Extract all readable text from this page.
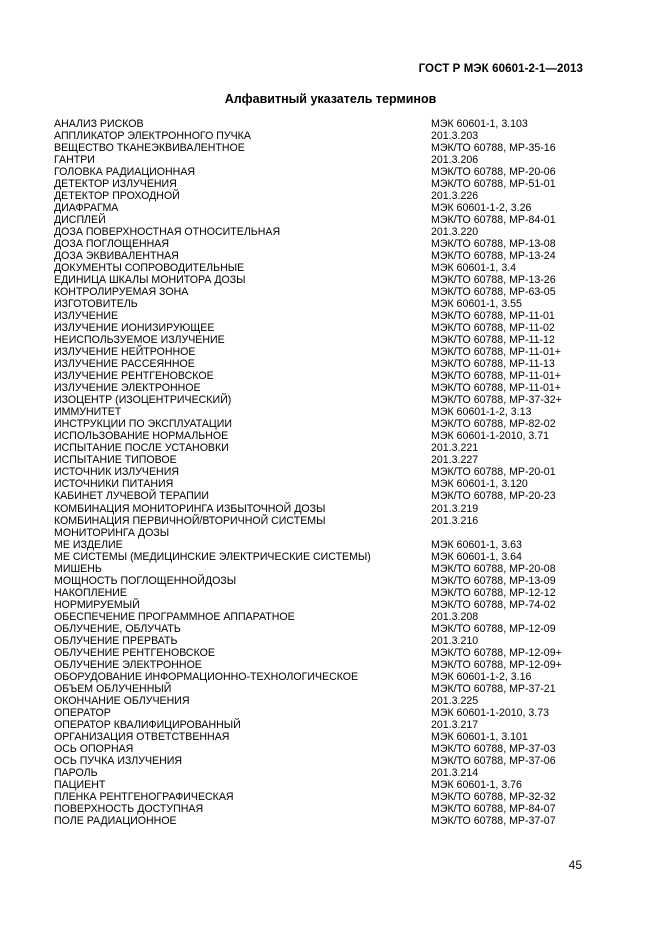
ГОСТ Р МЭК 60601-2-1—2013
Алфавитный указатель терминов
АНАЛИЗ РИСКОВ	МЭК 60601-1, 3.103
АППЛИКАТОР ЭЛЕКТРОННОГО ПУЧКА	201.3.203
ВЕЩЕСТВО ТКАНЕЭКВИВАЛЕНТНОЕ	МЭК/ТО 60788, MP-35-16
ГАНТРИ	201.3.206
ГОЛОВКА РАДИАЦИОННАЯ	МЭК/ТО 60788, MP-20-06
ДЕТЕКТОР ИЗЛУЧЕНИЯ	МЭК/ТО 60788, MP-51-01
ДЕТЕКТОР ПРОХОДНОЙ	201.3.226
ДИАФРАГМА	МЭК 60601-1-2, 3.26
ДИСПЛЕЙ	МЭК/ТО 60788, MP-84-01
ДОЗА ПОВЕРХНОСТНАЯ ОТНОСИТЕЛЬНАЯ	201.3.220
ДОЗА ПОГЛОЩЕННАЯ	МЭК/ТО 60788, MP-13-08
ДОЗА ЭКВИВАЛЕНТНАЯ	МЭК/ТО 60788, MP-13-24
ДОКУМЕНТЫ СОПРОВОДИТЕЛЬНЫЕ	МЭК 60601-1, 3.4
ЕДИНИЦА ШКАЛЫ МОНИТОРА ДОЗЫ	МЭК/ТО 60788, MP-13-26
КОНТРОЛИРУЕМАЯ ЗОНА	МЭК/ТО 60788, MP-63-05
ИЗГОТОВИТЕЛЬ	МЭК 60601-1, 3.55
ИЗЛУЧЕНИЕ	МЭК/ТО 60788, MP-11-01
ИЗЛУЧЕНИЕ ИОНИЗИРУЮЩЕЕ	МЭК/ТО 60788, MP-11-02
НЕИСПОЛЬЗУЕМОЕ ИЗЛУЧЕНИЕ	МЭК/ТО 60788, MP-11-12
ИЗЛУЧЕНИЕ НЕЙТРОННОЕ	МЭК/ТО 60788, MP-11-01+
ИЗЛУЧЕНИЕ РАССЕЯННОЕ	МЭК/ТО 60788, MP-11-13
ИЗЛУЧЕНИЕ РЕНТГЕНОВСКОЕ	МЭК/ТО 60788, MP-11-01+
ИЗЛУЧЕНИЕ ЭЛЕКТРОННОЕ	МЭК/ТО 60788, MP-11-01+
ИЗОЦЕНТР (ИЗОЦЕНТРИЧЕСКИЙ)	МЭК/ТО 60788, MP-37-32+
ИММУНИТЕТ	МЭК 60601-1-2, 3.13
ИНСТРУКЦИИ ПО ЭКСПЛУАТАЦИИ	МЭК/ТО 60788, MP-82-02
ИСПОЛЬЗОВАНИЕ НОРМАЛЬНОЕ	МЭК 60601-1-2010, 3.71
ИСПЫТАНИЕ ПОСЛЕ УСТАНОВКИ	201.3.221
ИСПЫТАНИЕ ТИПОВОЕ	201.3.227
ИСТОЧНИК ИЗЛУЧЕНИЯ	МЭК/ТО 60788, MP-20-01
ИСТОЧНИКИ ПИТАНИЯ	МЭК 60601-1, 3.120
КАБИНЕТ ЛУЧЕВОЙ ТЕРАПИИ	МЭК/ТО 60788, MP-20-23
КОМБИНАЦИЯ МОНИТОРИНГА ИЗБЫТОЧНОЙ ДОЗЫ	201.3.219
КОМБИНАЦИЯ ПЕРВИЧНОЙ/ВТОРИЧНОЙ СИСТЕМЫ	201.3.216
МОНИТОРИНГА ДОЗЫ
МЕ ИЗДЕЛИЕ	МЭК 60601-1, 3.63
МЕ СИСТЕМЫ (МЕДИЦИНСКИЕ ЭЛЕКТРИЧЕСКИЕ СИСТЕМЫ)	МЭК 60601-1, 3.64
МИШЕНЬ	МЭК/ТО 60788, MP-20-08
МОЩНОСТЬ ПОГЛОЩЕННОЙДОЗЫ	МЭК/ТО 60788, MP-13-09
НАКОПЛЕНИЕ	МЭК/ТО 60788, MP-12-12
НОРМИРУЕМЫЙ	МЭК/ТО 60788, MP-74-02
ОБЕСПЕЧЕНИЕ ПРОГРАММНОЕ АППАРАТНОЕ	201.3.208
ОБЛУЧЕНИЕ, ОБЛУЧАТЬ	МЭК/ТО 60788, MP-12-09
ОБЛУЧЕНИЕ ПРЕРВАТЬ	201.3.210
ОБЛУЧЕНИЕ РЕНТГЕНОВСКОЕ	МЭК/ТО 60788, MP-12-09+
ОБЛУЧЕНИЕ ЭЛЕКТРОННОЕ	МЭК/ТО 60788, MP-12-09+
ОБОРУДОВАНИЕ ИНФОРМАЦИОННО-ТЕХНОЛОГИЧЕСКОЕ	МЭК 60601-1-2, 3.16
ОБЪЕМ ОБЛУЧЕННЫЙ	МЭК/ТО 60788, MP-37-21
ОКОНЧАНИЕ ОБЛУЧЕНИЯ	201.3.225
ОПЕРАТОР	МЭК 60601-1-2010, 3.73
ОПЕРАТОР КВАЛИФИЦИРОВАННЫЙ	201.3.217
ОРГАНИЗАЦИЯ ОТВЕТСТВЕННАЯ	МЭК 60601-1, 3.101
ОСЬ ОПОРНАЯ	МЭК/ТО 60788, MP-37-03
ОСЬ ПУЧКА ИЗЛУЧЕНИЯ	МЭК/ТО 60788, MP-37-06
ПАРОЛЬ	201.3.214
ПАЦИЕНТ	МЭК 60601-1, 3.76
ПЛЕНКА РЕНТГЕНОГРАФИЧЕСКАЯ	МЭК/ТО 60788, MP-32-32
ПОВЕРХНОСТЬ ДОСТУПНАЯ	МЭК/ТО 60788, MP-84-07
ПОЛЕ РАДИАЦИОННОЕ	МЭК/ТО 60788, MP-37-07
45
